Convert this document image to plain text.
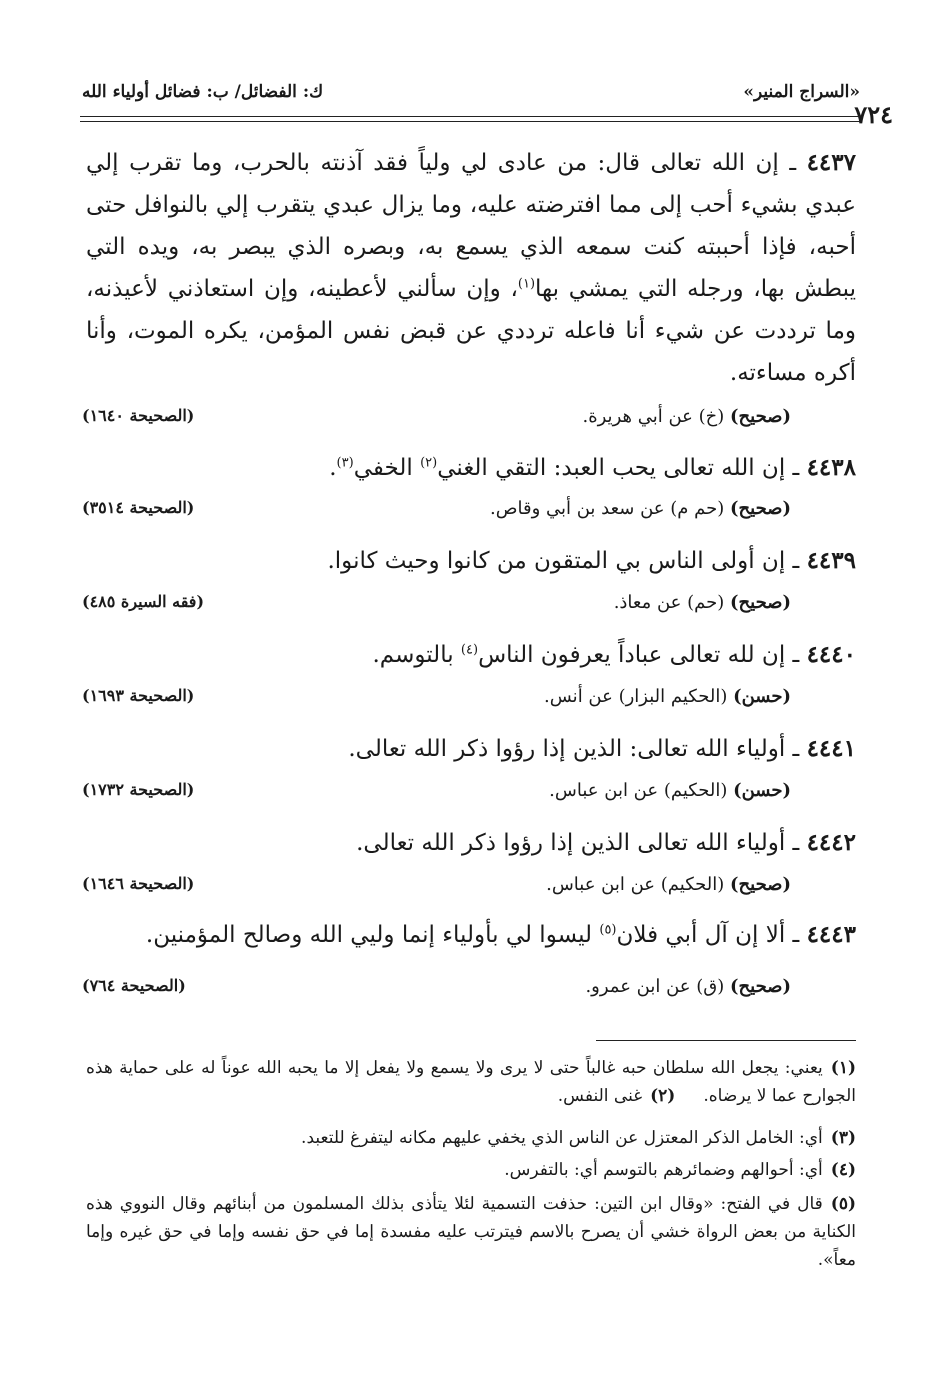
«السراج المنير»
ك: الفضائل/ ب: فضائل أولياء الله
٧٢٤
٤٤٣٧ ـ إن الله تعالى قال: من عادى لي ولياً فقد آذنته بالحرب، وما تقرب إلي عبدي بشيء أحب إلى مما افترضته عليه، وما يزال عبدي يتقرب إلي بالنوافل حتى أحبه، فإذا أحببته كنت سمعه الذي يسمع به، وبصره الذي يبصر به، ويده التي يبطش بها، ورجله التي يمشي بها$^{(١)}$، وإن سألني لأعطينه، وإن استعاذني لأعيذنه، وما ترددت عن شيء أنا فاعله ترددي عن قبض نفس المؤمن، يكره الموت، وأنا أكره مساءته.
(صحيح) (خ) عن أبي هريرة.
(الصحيحة ١٦٤٠)
٤٤٣٨ ـ إن الله تعالى يحب العبد: التقي الغني$^{(٢)}$ الخفي$^{(٣)}$.
(صحيح) (حم م) عن سعد بن أبي وقاص.
(الصحيحة ٣٥١٤)
٤٤٣٩ ـ إن أولى الناس بي المتقون من كانوا وحيث كانوا.
(صحيح) (حم) عن معاذ.
(فقه السيرة ٤٨٥)
٤٤٤٠ ـ إن لله تعالى عباداً يعرفون الناس$^{(٤)}$ بالتوسم.
(حسن) (الحكيم البزار) عن أنس.
(الصحيحة ١٦٩٣)
٤٤٤١ ـ أولياء الله تعالى: الذين إذا رؤوا ذكر الله تعالى.
(حسن) (الحكيم) عن ابن عباس.
(الصحيحة ١٧٣٢)
٤٤٤٢ ـ أولياء الله تعالى الذين إذا رؤوا ذكر الله تعالى.
(صحيح) (الحكيم) عن ابن عباس.
(الصحيحة ١٦٤٦)
٤٤٤٣ ـ ألا إن آل أبي فلان$^{(٥)}$ ليسوا لي بأولياء إنما وليي الله وصالح المؤمنين.
(صحيح) (ق) عن ابن عمرو.
(الصحيحة ٧٦٤)
(١)يعني: يجعل الله سلطان حبه غالباً حتى لا يرى ولا يسمع ولا يفعل إلا ما يحبه الله عوناً له على حماية هذه الجوارح عما لا يرضاه.(٢)غنى النفس.
(٣)أي: الخامل الذكر المعتزل عن الناس الذي يخفي عليهم مكانه ليتفرغ للتعبد.
(٤)أي: أحوالهم وضمائرهم بالتوسم أي: بالتفرس.
(٥)قال في الفتح: «وقال ابن التين: حذفت التسمية لئلا يتأذى بذلك المسلمون من أبنائهم وقال النووي هذه الكناية من بعض الرواة خشي أن يصرح بالاسم فيترتب عليه مفسدة إما في حق نفسه وإما في حق غيره وإما معاً».
